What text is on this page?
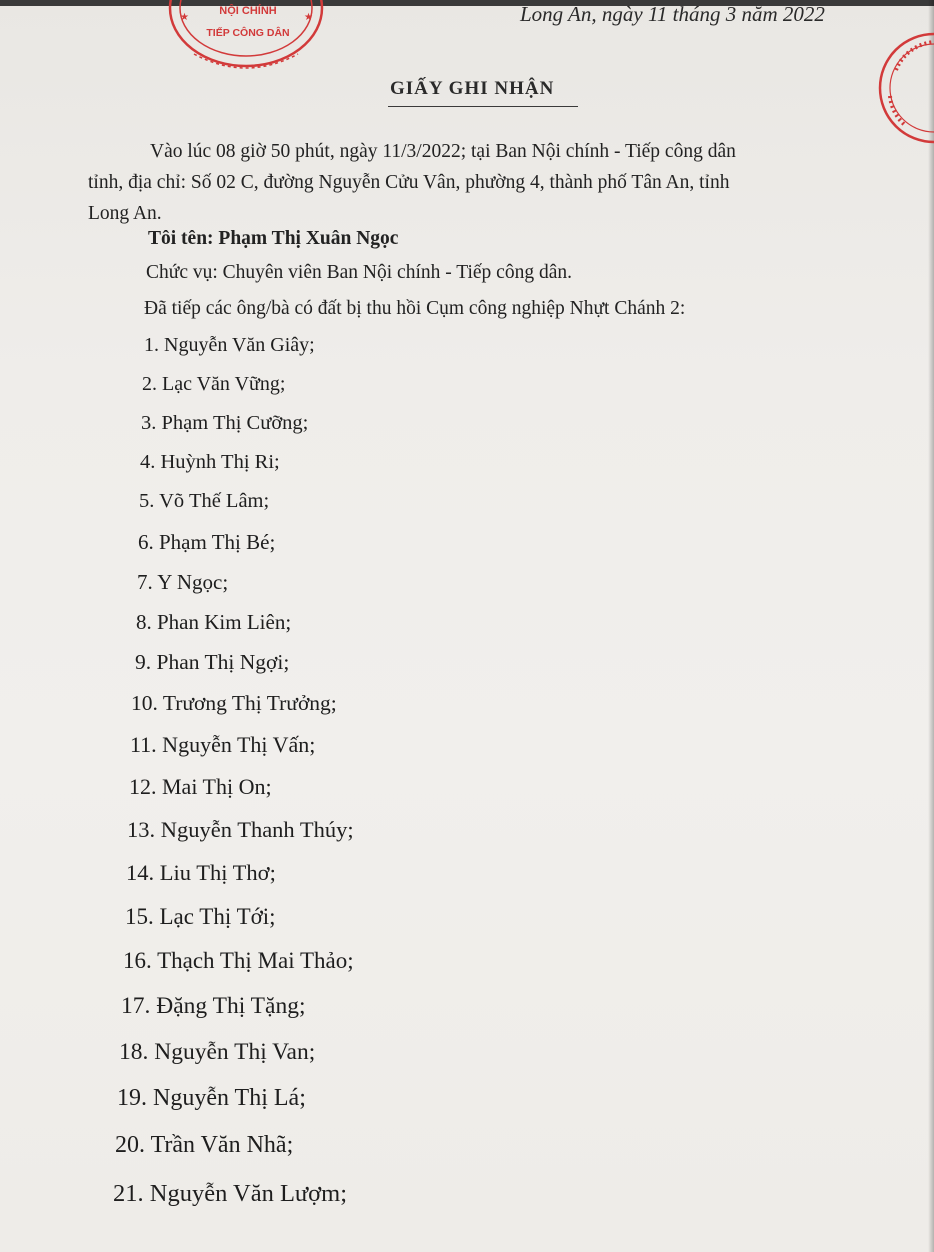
★	★
NỘI CHÍNH
TIẾP CÔNG DÂN
Long An, ngày 11 tháng 3 năm 2022
GIẤY GHI NHẬN
Vào lúc 08 giờ 50 phút, ngày 11/3/2022; tại Ban Nội chính - Tiếp công dân
tỉnh, địa chỉ: Số 02 C, đường Nguyễn Cửu Vân, phường 4, thành phố Tân An, tỉnh
Long An.
Tôi tên: Phạm Thị Xuân Ngọc
Chức vụ: Chuyên viên Ban Nội chính - Tiếp công dân.
Đã tiếp các ông/bà có đất bị thu hồi Cụm công nghiệp Nhựt Chánh 2:
1. Nguyễn Văn Giây;
2. Lạc Văn Vững;
3. Phạm Thị Cưỡng;
4. Huỳnh Thị Ri;
5. Võ Thế Lâm;
6. Phạm Thị Bé;
7. Y Ngọc;
8. Phan Kim Liên;
9. Phan Thị Ngợi;
10. Trương Thị Trưởng;
11. Nguyễn Thị Vấn;
12. Mai Thị On;
13. Nguyễn Thanh Thúy;
14. Liu Thị Thơ;
15. Lạc Thị Tới;
16. Thạch Thị Mai Thảo;
17. Đặng Thị Tặng;
18. Nguyễn Thị Van;
19. Nguyễn Thị Lá;
20. Trần Văn Nhã;
21. Nguyễn Văn Lượm;
